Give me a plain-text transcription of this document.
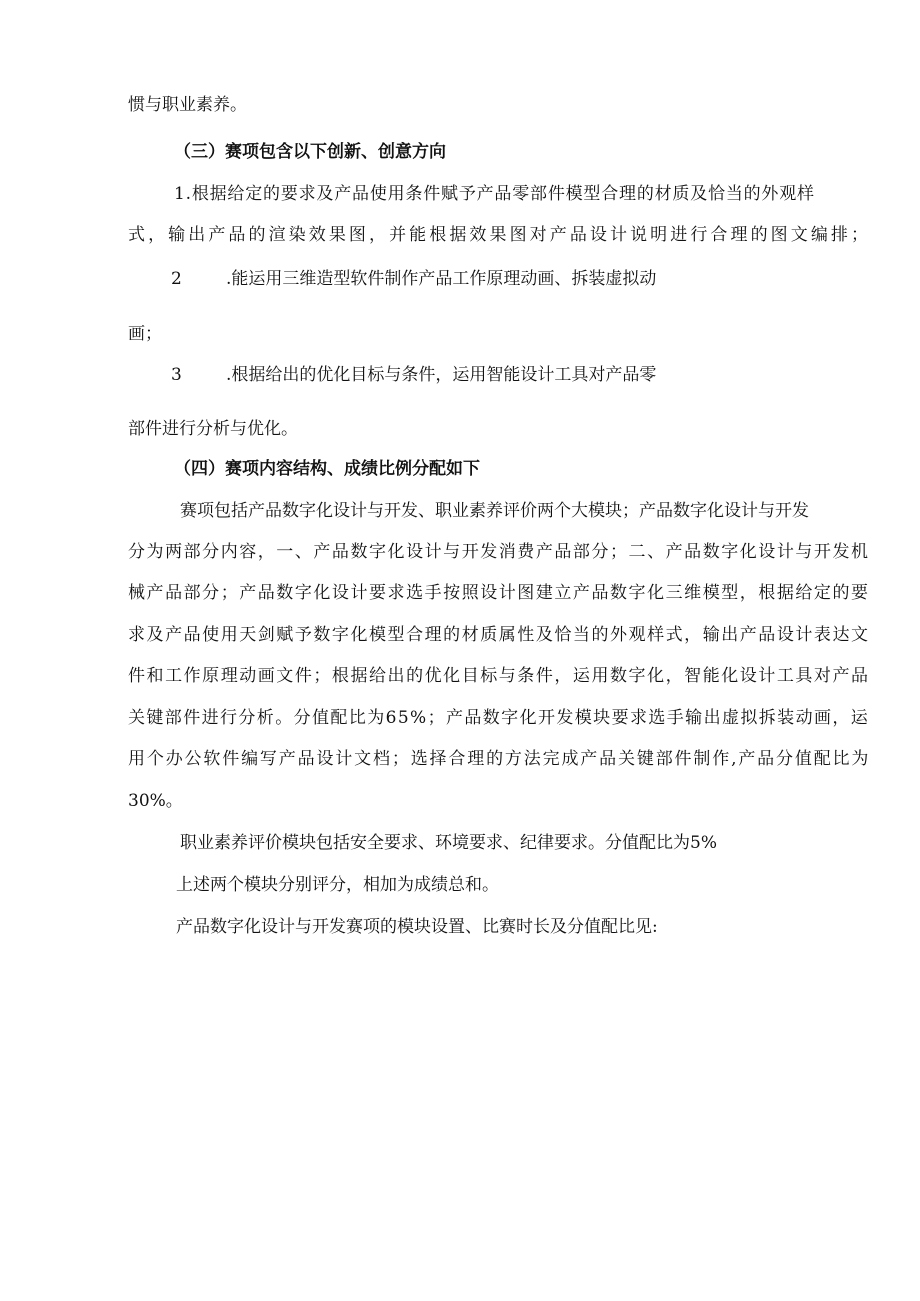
惯与职业素养。
（三）赛项包含以下创新、创意方向
1.根据给定的要求及产品使用条件赋予产品零部件模型合理的材质及恰当的外观样
式，输出产品的渲染效果图，并能根据效果图对产品设计说明进行合理的图文编排；
2	.能运用三维造型软件制作产品工作原理动画、拆装虚拟动
画；
3	.根据给出的优化目标与条件，运用智能设计工具对产品零
部件进行分析与优化。
（四）赛项内容结构、成绩比例分配如下
赛项包括产品数字化设计与开发、职业素养评价两个大模块；产品数字化设计与开发
分为两部分内容，一、产品数字化设计与开发消费产品部分；二、产品数字化设计与开发机
械产品部分；产品数字化设计要求选手按照设计图建立产品数字化三维模型，根据给定的要
求及产品使用天剑赋予数字化模型合理的材质属性及恰当的外观样式，输出产品设计表达文
件和工作原理动画文件；根据给出的优化目标与条件，运用数字化，智能化设计工具对产品
关键部件进行分析。分值配比为65%；产品数字化开发模块要求选手输出虚拟拆装动画，运
用个办公软件编写产品设计文档；选择合理的方法完成产品关键部件制作,产品分值配比为
30%。
职业素养评价模块包括安全要求、环境要求、纪律要求。分值配比为5%
上述两个模块分别评分，相加为成绩总和。
产品数字化设计与开发赛项的模块设置、比赛时长及分值配比见:
